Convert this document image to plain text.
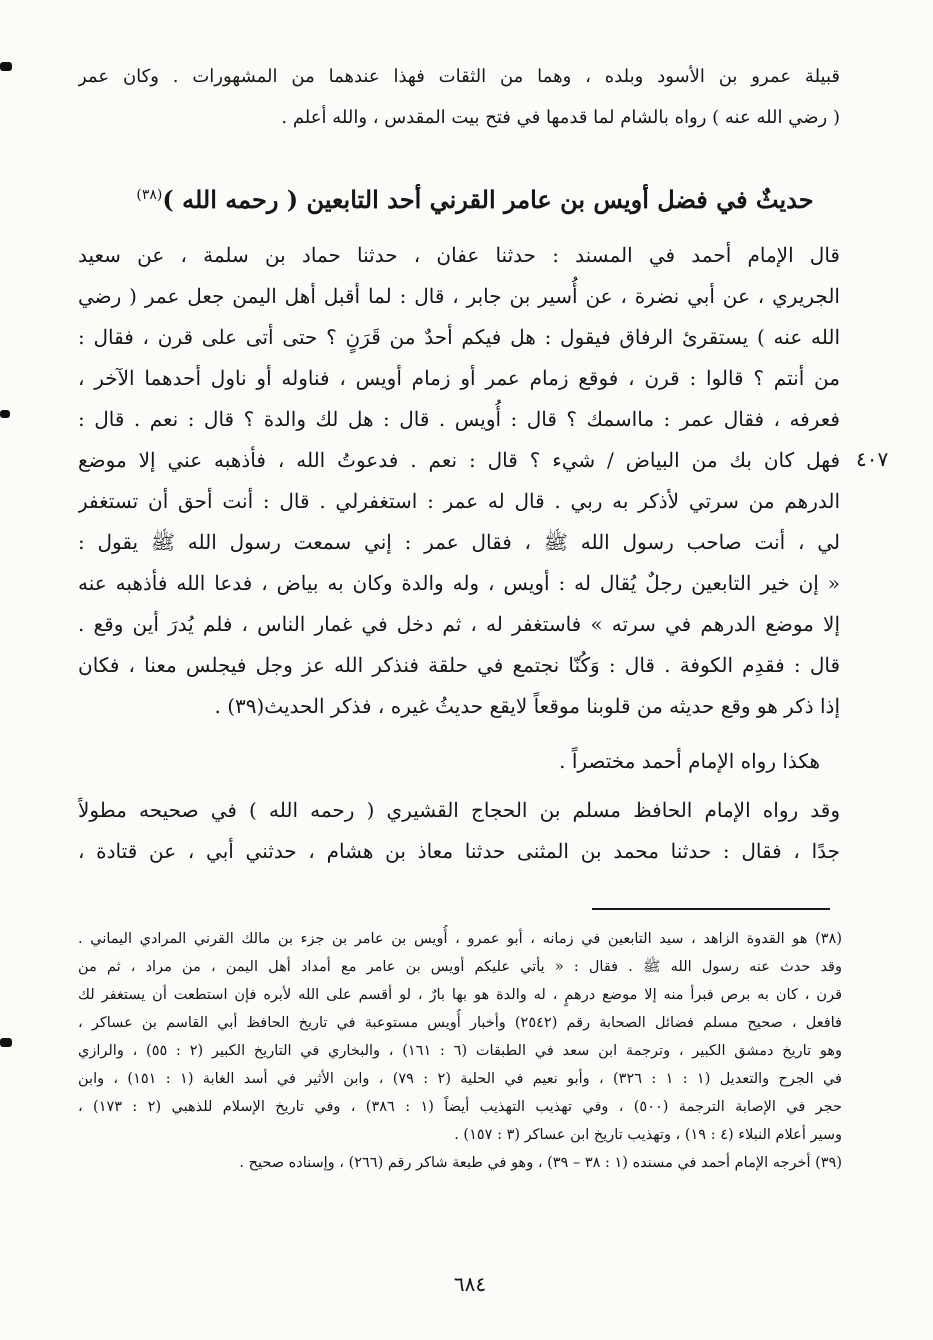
قبيلة عمرو بن الأسود وبلده ، وهما من الثقات فهذا عندهما من المشهورات . وكان عمر
( رضي الله عنه ) رواه بالشام لما قدمها في فتح بيت المقدس ، والله أعلم .
حديثٌ في فضل أويس بن عامر القرني أحد التابعين ( رحمه الله )$^{(٣٨)}$
قال الإمام أحمد في المسند : حدثنا عفان ، حدثنا حماد بن سلمة ، عن سعيد
الجريري ، عن أبي نضرة ، عن أُسير بن جابر ، قال : لما أقبل أهل اليمن جعل عمر ( رضي
الله عنه ) يستقرئ الرفاق فيقول : هل فيكم أحدٌ من قَرَنٍ ؟ حتى أتى على قرن ، فقال :
من أنتم ؟ قالوا : قرن ، فوقع زمام عمر أو زمام أويس ، فناوله أو ناول أحدهما الآخر ،
فعرفه ، فقال عمر : مااسمك ؟ قال : أُويس . قال : هل لك والدة ؟ قال : نعم . قال :
فهل كان بك من البياض / شيء ؟ قال : نعم . فدعوتُ الله ، فأذهبه عني إلا موضع
الدرهم من سرتي لأذكر به ربي . قال له عمر : استغفرلي . قال : أنت أحق أن تستغفر
لي ، أنت صاحب رسول الله ﷺ ، فقال عمر : إني سمعت رسول الله ﷺ يقول :
« إن خير التابعين رجلٌ يُقال له : أويس ، وله والدة وكان به بياض ، فدعا الله فأذهبه عنه
إلا موضع الدرهم في سرته » فاستغفر له ، ثم دخل في غمار الناس ، فلم يُدرَ أين وقع .
قال : فقدِم الكوفة . قال : وَكُنّا نجتمع في حلقة فنذكر الله عز وجل فيجلس معنا ، فكان
إذا ذكر هو وقع حديثه من قلوبنا موقعاً لايقع حديثُ غيره ، فذكر الحديث(٣٩) .
٤٠٧
هكذا رواه الإمام أحمد مختصراً .
وقد رواه الإمام الحافظ مسلم بن الحجاج القشيري ( رحمه الله ) في صحيحه مطولاً
جدًا ، فقال : حدثنا محمد بن المثنى حدثنا معاذ بن هشام ، حدثني أبي ، عن قتادة ،
(٣٨) هو القدوة الزاهد ، سيد التابعين في زمانه ، أبو عمرو ، أُويس بن عامر بن جزء بن مالك القرني المرادي اليماني .
وقد حدث عنه رسول الله ﷺ . فقال : « يأتي عليكم أويس بن عامر مع أمداد أهل اليمن ، من مراد ، ثم من
قرن ، كان به برص فبرأ منه إلا موضع درهمٍ ، له والدة هو بها بارٌ ، لو أقسم على الله لأبره فإن استطعت أن يستغفر لك
فافعل ، صحيح مسلم فضائل الصحابة رقم (٢٥٤٢) وأخبار أُويس مستوعبة في تاريخ الحافظ أبي القاسم بن عساكر ،
وهو تاريخ دمشق الكبير ، وترجمة ابن سعد في الطبقات (٦ : ١٦١) ، والبخاري في التاريخ الكبير (٢ : ٥٥) ، والرازي
في الجرح والتعديل (١ : ١ : ٣٢٦) ، وأبو نعيم في الحلية (٢ : ٧٩) ، وابن الأثير في أسد الغابة (١ : ١٥١) ، وابن
حجر في الإصابة الترجمة (٥٠٠) ، وفي تهذيب التهذيب أيضاً (١ : ٣٨٦) ، وفي تاريخ الإسلام للذهبي (٢ : ١٧٣) ،
وسير أعلام النبلاء (٤ : ١٩) ، وتهذيب تاريخ ابن عساكر (٣ : ١٥٧) .
(٣٩) أخرجه الإمام أحمد في مسنده (١ : ٣٨ – ٣٩) ، وهو في طبعة شاكر رقم (٢٦٦) ، وإسناده صحيح .
٦٨٤
